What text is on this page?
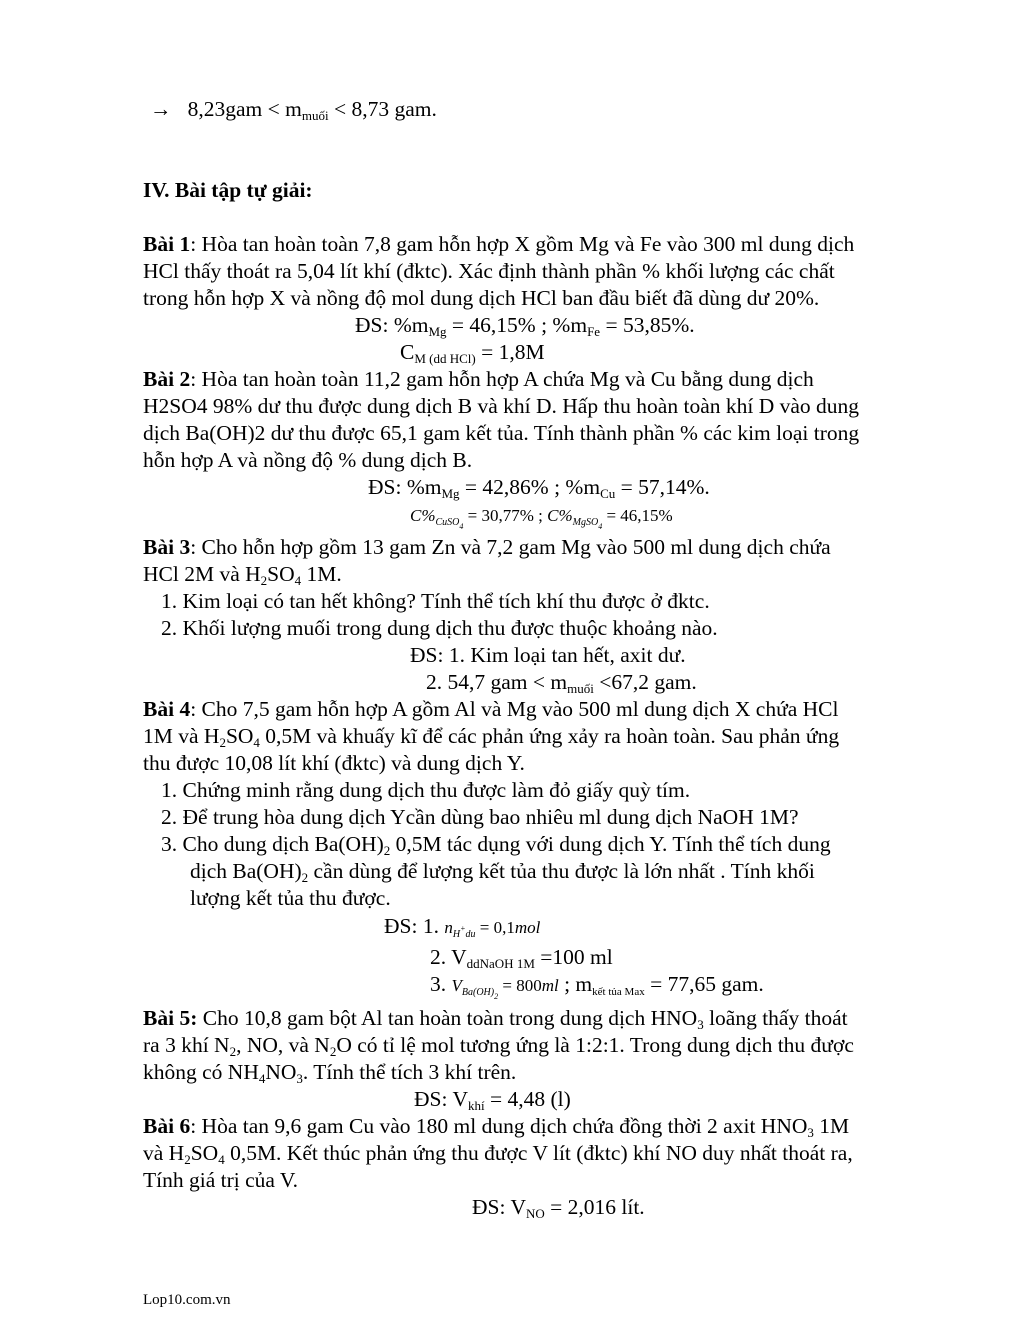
→ $8,23gam < m_{muối} < 8,73$ gam.
IV. Bài tập tự giải:
Bài 1: Hòa tan hoàn toàn 7,8 gam hỗn hợp X gồm Mg và Fe vào 300 ml dung dịch
HCl thấy thoát ra 5,04 lít khí (đktc). Xác định thành phần % khối lượng các chất
trong hỗn hợp X và nồng độ mol dung dịch HCl ban đầu biết đã dùng dư 20%.
ĐS: $\%m_{Mg} = 46,15\%$ ; $\%m_{Fe} = 53,85\%$.
$C_{M (dd HCl)} = 1,8M$
Bài 2: Hòa tan hoàn toàn 11,2 gam hỗn hợp A chứa Mg và Cu bằng dung dịch
H2SO4 98% dư thu được dung dịch B và khí D. Hấp thu hoàn toàn khí D vào dung
dịch Ba(OH)2 dư thu được 65,1 gam kết tủa. Tính thành phần % các kim loại trong
hỗn hợp A và nồng độ % dung dịch B.
ĐS: $\%m_{Mg} = 42,86\%$ ; $\%m_{Cu} = 57,14\%$.
$C\%_{CuSO_4} = 30,77\%$ ; $C\%_{MgSO_4} = 46,15\%$
Bài 3: Cho hỗn hợp gồm 13 gam Zn và 7,2 gam Mg vào 500 ml dung dịch chứa
HCl 2M và $H_2SO_4$ 1M.
1. Kim loại có tan hết không? Tính thể tích khí thu được ở đktc.
2. Khối lượng muối trong dung dịch thu được thuộc khoảng nào.
ĐS: 1. Kim loại tan hết, axit dư.
2. 54,7 gam < $m_{muối} <67,2$ gam.
Bài 4: Cho 7,5 gam hỗn hợp A gồm Al và Mg vào 500 ml dung dịch X chứa HCl
1M và $H_2SO_4$ 0,5M và khuấy kĩ để các phản ứng xảy ra hoàn toàn. Sau phản ứng
thu được 10,08 lít khí (đktc) và dung dịch Y.
1. Chứng minh rằng dung dịch thu được làm đỏ giấy quỳ tím.
2. Để trung hòa dung dịch Ycần dùng bao nhiêu ml dung dịch NaOH 1M?
3. Cho dung dịch $Ba(OH)_2$ 0,5M tác dụng với dung dịch Y. Tính thể tích dung
dịch $Ba(OH)_2$ cần dùng để lượng kết tủa thu được là lớn nhất . Tính khối
lượng kết tủa thu được.
ĐS: 1. $n_{H^+du} = 0,1mol$
2. $V_{ddNaOH 1M} =100$ ml
3. $V_{Ba(OH)_2} = 800ml$ ; $m_{kết tủa Max} = 77,65$ gam.
Bài 5: Cho 10,8 gam bột Al tan hoàn toàn trong dung dịch $HNO_3$ loãng thấy thoát
ra 3 khí $N_2$, NO, và $N_2O$ có tỉ lệ mol tương ứng là 1:2:1. Trong dung dịch thu được
không có $NH_4NO_3$. Tính thể tích 3 khí trên.
ĐS: $V_{khí} = 4,48$ (l)
Bài 6: Hòa tan 9,6 gam Cu vào 180 ml dung dịch chứa đồng thời 2 axit $HNO_3$ 1M
và $H_2SO_4$ 0,5M. Kết thúc phản ứng thu được V lít (đktc) khí NO duy nhất thoát ra,
Tính giá trị của V.
ĐS: $V_{NO} = 2,016$ lít.
Lop10.com.vn
